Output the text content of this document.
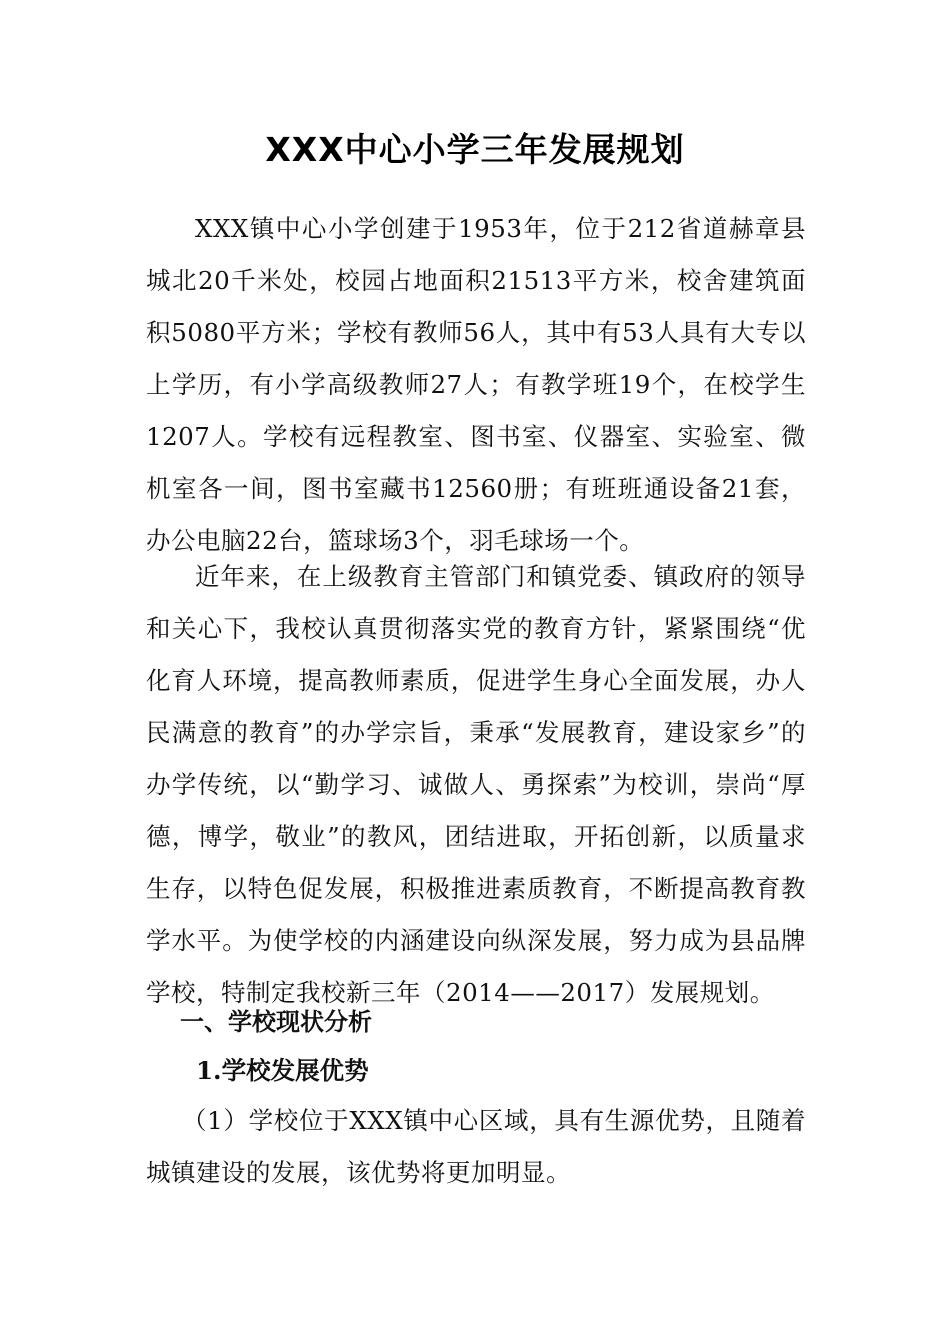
XXX中心小学三年发展规划

XXX镇中心小学创建于1953年，位于212省道赫章县城北20千米处，校园占地面积21513平方米，校舍建筑面积5080平方米；学校有教师56人，其中有53人具有大专以上学历，有小学高级教师27人；有教学班19个，在校学生1207人。学校有远程教室、图书室、仪器室、实验室、微机室各一间，图书室藏书12560册；有班班通设备21套，办公电脑22台，篮球场3个，羽毛球场一个。

近年来，在上级教育主管部门和镇党委、镇政府的领导和关心下，我校认真贯彻落实党的教育方针，紧紧围绕“优化育人环境，提高教师素质，促进学生身心全面发展，办人民满意的教育”的办学宗旨，秉承“发展教育，建设家乡”的办学传统，以“勤学习、诚做人、勇探索”为校训，崇尚“厚德，博学，敬业”的教风，团结进取，开拓创新，以质量求生存，以特色促发展，积极推进素质教育，不断提高教育教学水平。为使学校的内涵建设向纵深发展，努力成为县品牌学校，特制定我校新三年（2014——2017）发展规划。

一、学校现状分析
1.学校发展优势

（1）学校位于XXX镇中心区域，具有生源优势，且随着城镇建设的发展，该优势将更加明显。
